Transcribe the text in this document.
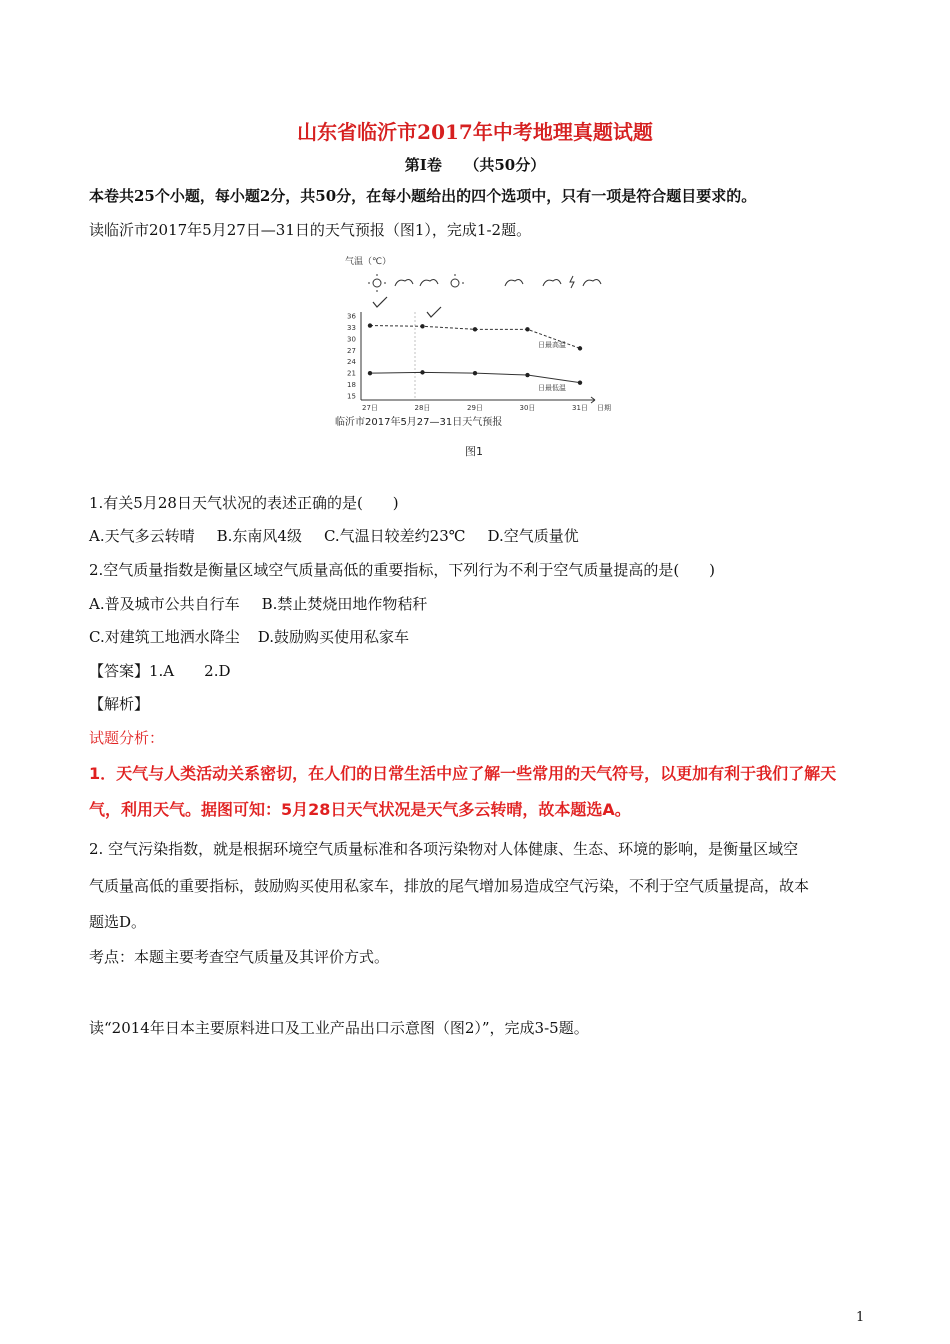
山东省临沂市2017年中考地理真题试题
第Ⅰ卷　　（共50分）
本卷共25个小题，每小题2分，共50分，在每小题给出的四个选项中，只有一项是符合题目要求的。
读临沂市2017年5月27日—31日的天气预报（图1），完成1-2题。
气温（℃）
36
33
30
27
24
21
18
15
27日	28日	29日	30日	31日
日最高温
日最低温
日期
临沂市2017年5月27—31日天气预报
图1
1.有关5月28日天气状况的表述正确的是(　　)
A.天气多云转晴 B.东南风4级 C.气温日较差约23℃ D.空气质量优
2.空气质量指数是衡量区域空气质量高低的重要指标，下列行为不利于空气质量提高的是(　　)
A.普及城市公共自行车 B.禁止焚烧田地作物秸秆
C.对建筑工地洒水降尘 D.鼓励购买使用私家车
【答案】1.A　　2.D
【解析】
试题分析：
1．天气与人类活动关系密切，在人们的日常生活中应了解一些常用的天气符号，以更加有利于我们了解天
气，利用天气。据图可知：5月28日天气状况是天气多云转晴，故本题选A。
2. 空气污染指数，就是根据环境空气质量标准和各项污染物对人体健康、生态、环境的影响，是衡量区域空
气质量高低的重要指标，鼓励购买使用私家车，排放的尾气增加易造成空气污染，不利于空气质量提高，故本
题选D。
考点：本题主要考查空气质量及其评价方式。
读“2014年日本主要原料进口及工业产品出口示意图（图2）”，完成3-5题。
1
